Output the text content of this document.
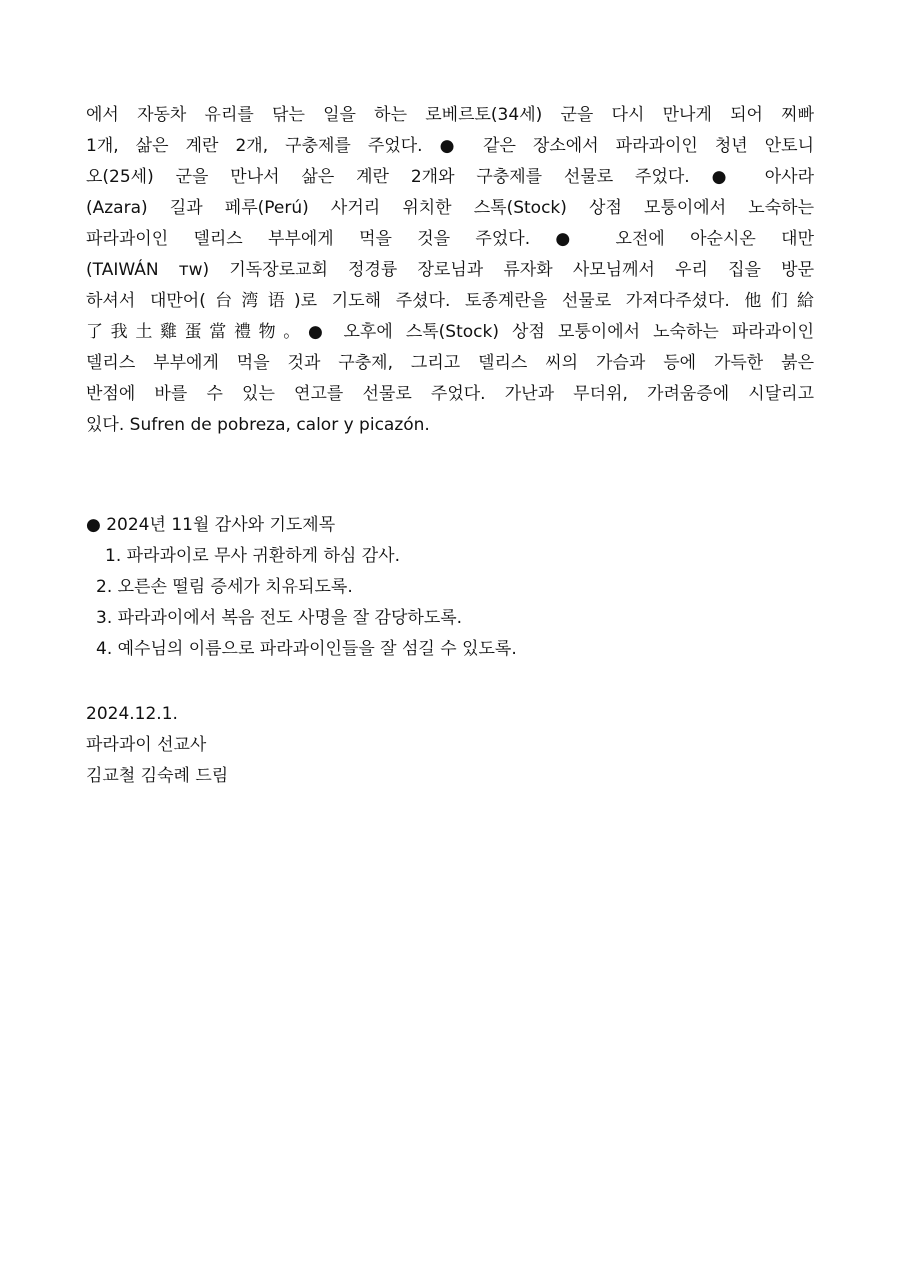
에서 자동차 유리를 닦는 일을 하는 로베르토(34세) 군을 다시 만나게 되어 찌빠
1개, 삶은 계란 2개, 구충제를 주었다. ● 같은 장소에서 파라과이인 청년 안토니
오(25세) 군을 만나서 삶은 계란 2개와 구충제를 선물로 주었다. ● 아사라
(Azara) 길과 페루(Perú) 사거리 위치한 스톡(Stock) 상점 모퉁이에서 노숙하는
파라과이인 델리스 부부에게 먹을 것을 주었다. ● 오전에 아순시온 대만
(TAIWÁN ᴛᴡ) 기독장로교회 정경륭 장로님과 류자화 사모님께서 우리 집을 방문
하셔서 대만어(台湾语)로 기도해 주셨다. 토종계란을 선물로 가져다주셨다. 他们給
了我土雞蛋當禮物。● 오후에 스톡(Stock) 상점 모퉁이에서 노숙하는 파라과이인
델리스 부부에게 먹을 것과 구충제, 그리고 델리스 씨의 가슴과 등에 가득한 붉은
반점에 바를 수 있는 연고를 선물로 주었다. 가난과 무더위, 가려움증에 시달리고
있다. Sufren de pobreza, calor y picazón.
● 2024년 11월 감사와 기도제목
1. 파라과이로 무사 귀환하게 하심 감사.
2. 오른손 떨림 증세가 치유되도록.
3. 파라과이에서 복음 전도 사명을 잘 감당하도록.
4. 예수님의 이름으로 파라과이인들을 잘 섬길 수 있도록.
2024.12.1.
파라과이 선교사
김교철 김숙례 드림
